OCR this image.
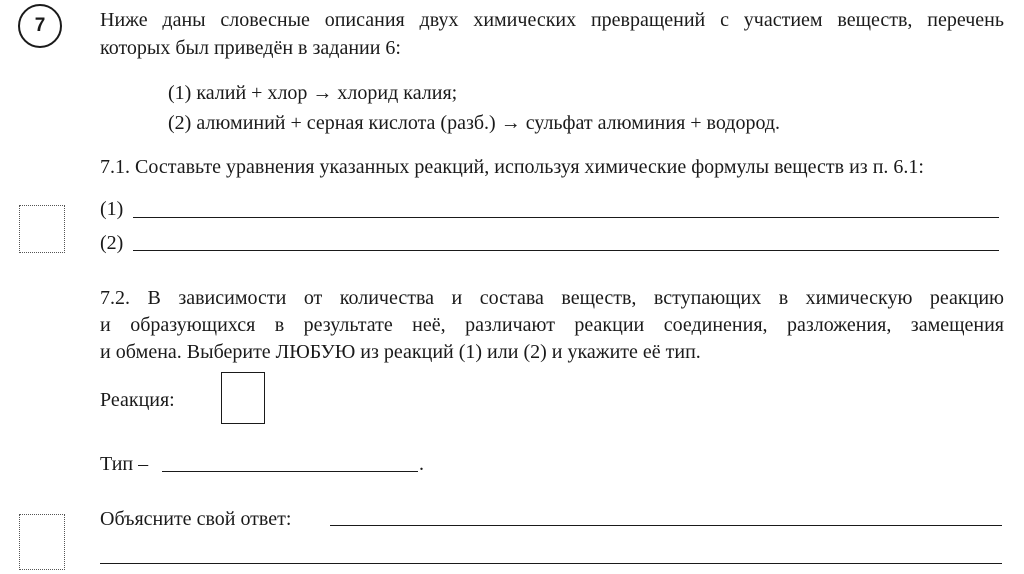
7	Ниже даны словесные описания двух химических превращений с участием веществ, перечень
которых был приведён в задании 6:
(1) калий + хлор → хлорид калия;
(2) алюминий + серная кислота (разб.) → сульфат алюминия + водород.
7.1. Составьте уравнения указанных реакций, используя химические формулы веществ из п. 6.1:
(1)
(2)
7.2. В зависимости от количества и состава веществ, вступающих в химическую реакцию
и образующихся в результате неё, различают реакции соединения, разложения, замещения
и обмена. Выберите ЛЮБУЮ из реакций (1) или (2) и укажите её тип.
Реакция:
Тип –	.
Объясните свой ответ:
